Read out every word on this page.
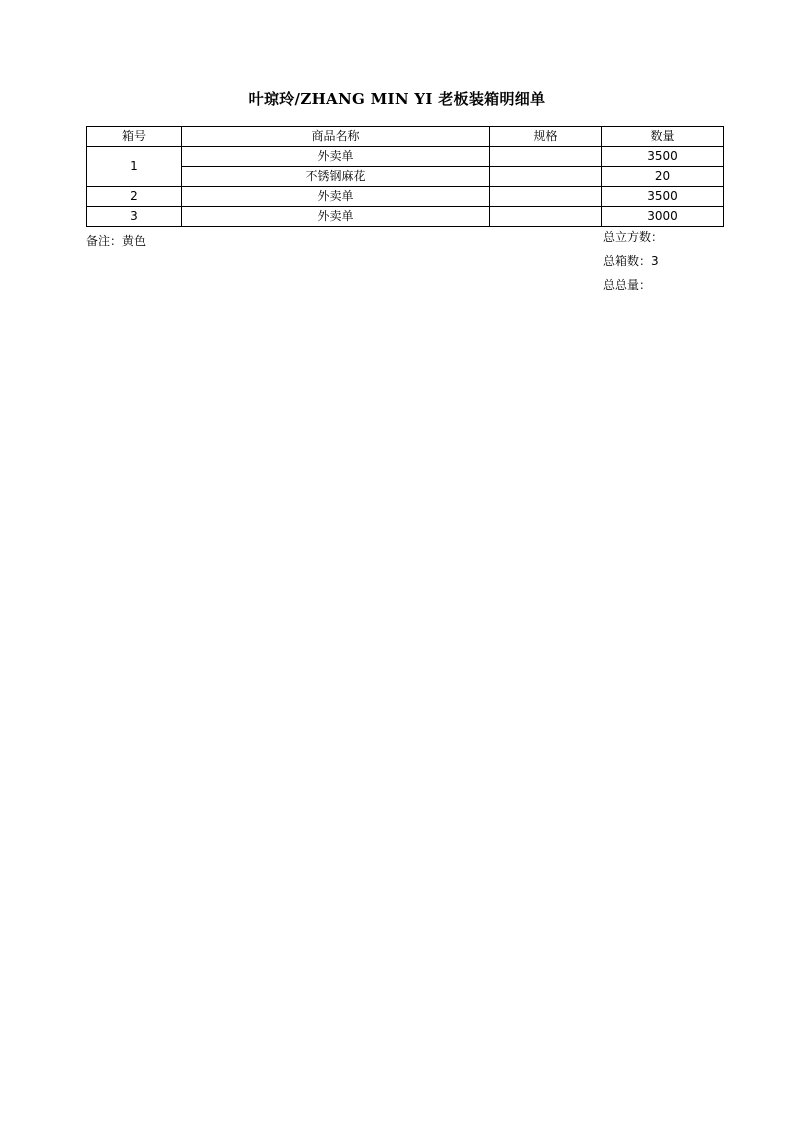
叶琼玲/ZHANG MIN YI 老板装箱明细单
箱号	商品名称	规格	数量
1	外卖单		3500
	不锈钢麻花		20
2	外卖单		3500
3	外卖单		3000
备注：黄色	总立方数：
总箱数：3
总总量：
